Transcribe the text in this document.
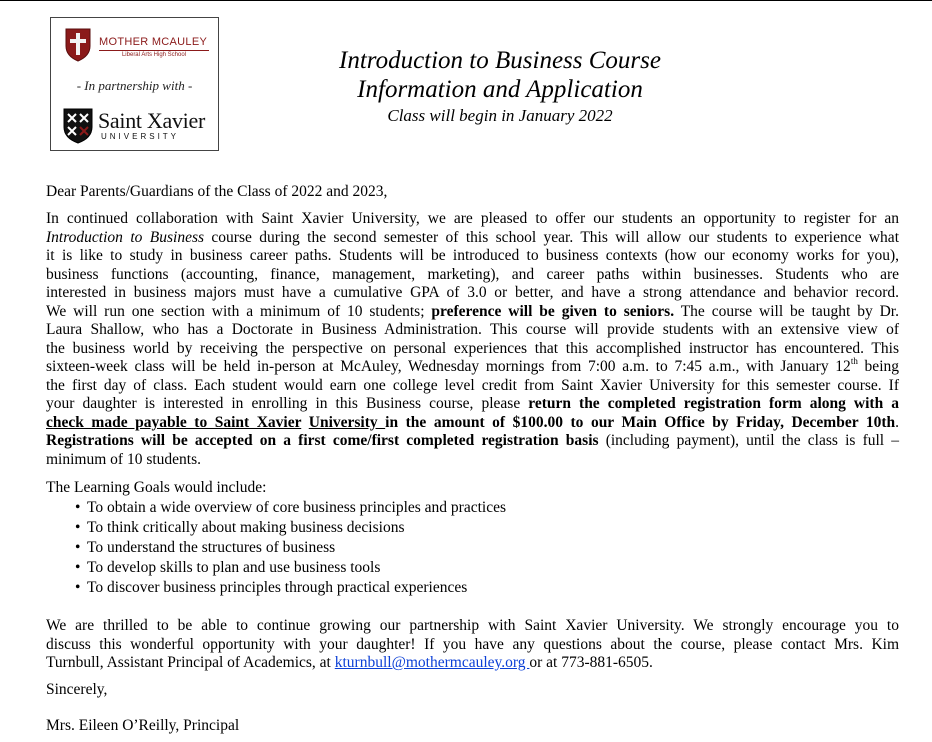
MOTHER MCAULEY
Liberal Arts High School
- In partnership with -
Saint Xavier
UNIVERSITY
Introduction to Business Course
Information and Application
Class will begin in January 2022
Dear Parents/Guardians of the Class of 2022 and 2023,
In continued collaboration with Saint Xavier University, we are pleased to offer our students an opportunity to register for an
Introduction to Business course during the second semester of this school year. This will allow our students to experience what
it is like to study in business career paths. Students will be introduced to business contexts (how our economy works for you),
business functions (accounting, finance, management, marketing), and career paths within businesses. Students who are
interested in business majors must have a cumulative GPA of 3.0 or better, and have a strong attendance and behavior record.
We will run one section with a minimum of 10 students; preference will be given to seniors. The course will be taught by Dr.
Laura Shallow, who has a Doctorate in Business Administration. This course will provide students with an extensive view of
the business world by receiving the perspective on personal experiences that this accomplished instructor has encountered. This
sixteen-week class will be held in-person at McAuley, Wednesday mornings from 7:00 a.m. to 7:45 a.m., with January 12th being
the first day of class. Each student would earn one college level credit from Saint Xavier University for this semester course. If
your daughter is interested in enrolling in this Business course, please return the completed registration form along with a
check made payable to Saint Xavier University in the amount of $100.00 to our Main Office by Friday, December 10th.
Registrations will be accepted on a first come/first completed registration basis (including payment), until the class is full –
minimum of 10 students.
The Learning Goals would include:
• To obtain a wide overview of core business principles and practices
• To think critically about making business decisions
• To understand the structures of business
• To develop skills to plan and use business tools
• To discover business principles through practical experiences
We are thrilled to be able to continue growing our partnership with Saint Xavier University. We strongly encourage you to
discuss this wonderful opportunity with your daughter! If you have any questions about the course, please contact Mrs. Kim
Turnbull, Assistant Principal of Academics, at kturnbull@mothermcauley.org or at 773-881-6505.
Sincerely,
Mrs. Eileen O’Reilly, Principal
